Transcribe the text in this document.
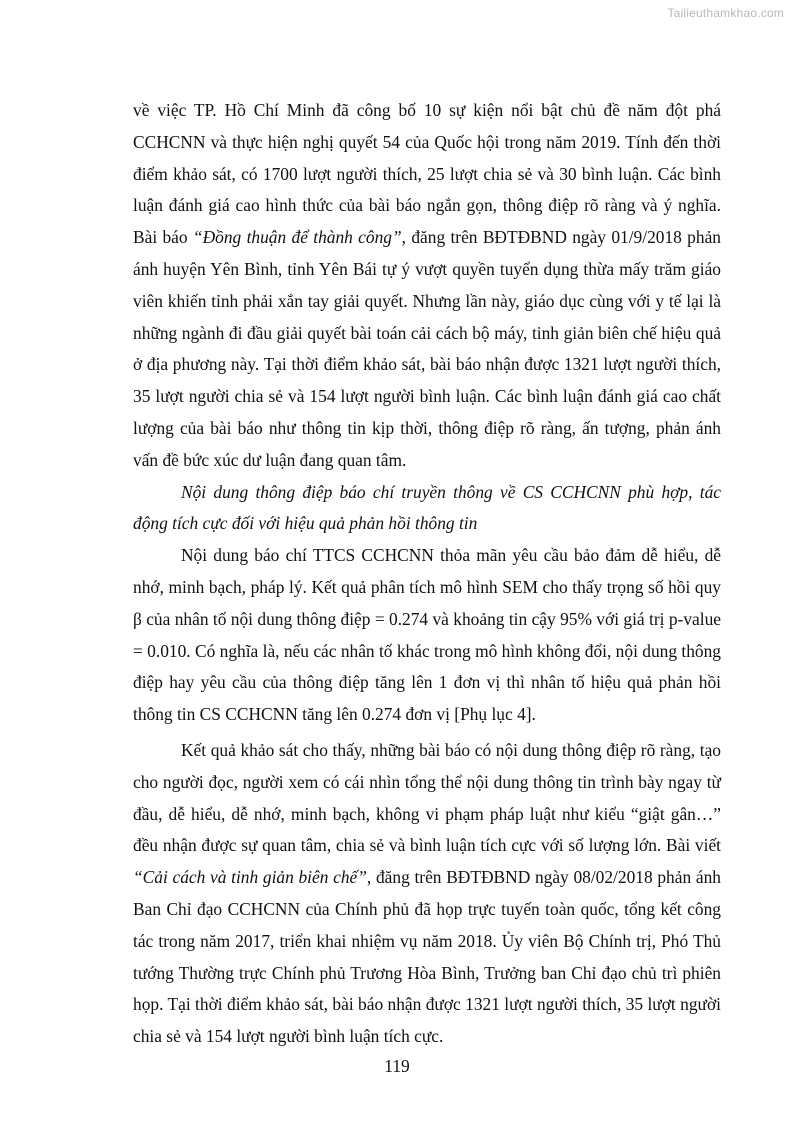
Tailieuthamkhao.com

về việc TP. Hồ Chí Minh đã công bố 10 sự kiện nổi bật chủ đề năm đột phá CCHCNN và thực hiện nghị quyết 54 của Quốc hội trong năm 2019. Tính đến thời điểm khảo sát, có 1700 lượt người thích, 25 lượt chia sẻ và 30 bình luận. Các bình luận đánh giá cao hình thức của bài báo ngắn gọn, thông điệp rõ ràng và ý nghĩa. Bài báo “Đồng thuận để thành công”, đăng trên BĐTĐBND ngày 01/9/2018 phản ánh huyện Yên Bình, tỉnh Yên Bái tự ý vượt quyền tuyển dụng thừa mấy trăm giáo viên khiến tỉnh phải xắn tay giải quyết. Nhưng lần này, giáo dục cùng với y tế lại là những ngành đi đầu giải quyết bài toán cải cách bộ máy, tinh giản biên chế hiệu quả ở địa phương này. Tại thời điểm khảo sát, bài báo nhận được 1321 lượt người thích, 35 lượt người chia sẻ và 154 lượt người bình luận. Các bình luận đánh giá cao chất lượng của bài báo như thông tin kịp thời, thông điệp rõ ràng, ấn tượng, phản ánh vấn đề bức xúc dư luận đang quan tâm.

Nội dung thông điệp báo chí truyền thông về CS CCHCNN phù hợp, tác động tích cực đối với hiệu quả phản hồi thông tin

Nội dung báo chí TTCS CCHCNN thỏa mãn yêu cầu bảo đảm dễ hiểu, dễ nhớ, minh bạch, pháp lý. Kết quả phân tích mô hình SEM cho thấy trọng số hồi quy β của nhân tố nội dung thông điệp = 0.274 và khoảng tin cậy 95% với giá trị p-value = 0.010. Có nghĩa là, nếu các nhân tố khác trong mô hình không đổi, nội dung thông điệp hay yêu cầu của thông điệp tăng lên 1 đơn vị thì nhân tố hiệu quả phản hồi thông tin CS CCHCNN tăng lên 0.274 đơn vị [Phụ lục 4].

Kết quả khảo sát cho thấy, những bài báo có nội dung thông điệp rõ ràng, tạo cho người đọc, người xem có cái nhìn tổng thể nội dung thông tin trình bày ngay từ đầu, dễ hiểu, dễ nhớ, minh bạch, không vi phạm pháp luật như kiểu “giật gân…” đều nhận được sự quan tâm, chia sẻ và bình luận tích cực với số lượng lớn. Bài viết “Cải cách và tinh giản biên chế”, đăng trên BĐTĐBND ngày 08/02/2018 phản ánh Ban Chỉ đạo CCHCNN của Chính phủ đã họp trực tuyến toàn quốc, tổng kết công tác trong năm 2017, triển khai nhiệm vụ năm 2018. Ủy viên Bộ Chính trị, Phó Thủ tướng Thường trực Chính phủ Trương Hòa Bình, Trưởng ban Chỉ đạo chủ trì phiên họp. Tại thời điểm khảo sát, bài báo nhận được 1321 lượt người thích, 35 lượt người chia sẻ và 154 lượt người bình luận tích cực.

119
